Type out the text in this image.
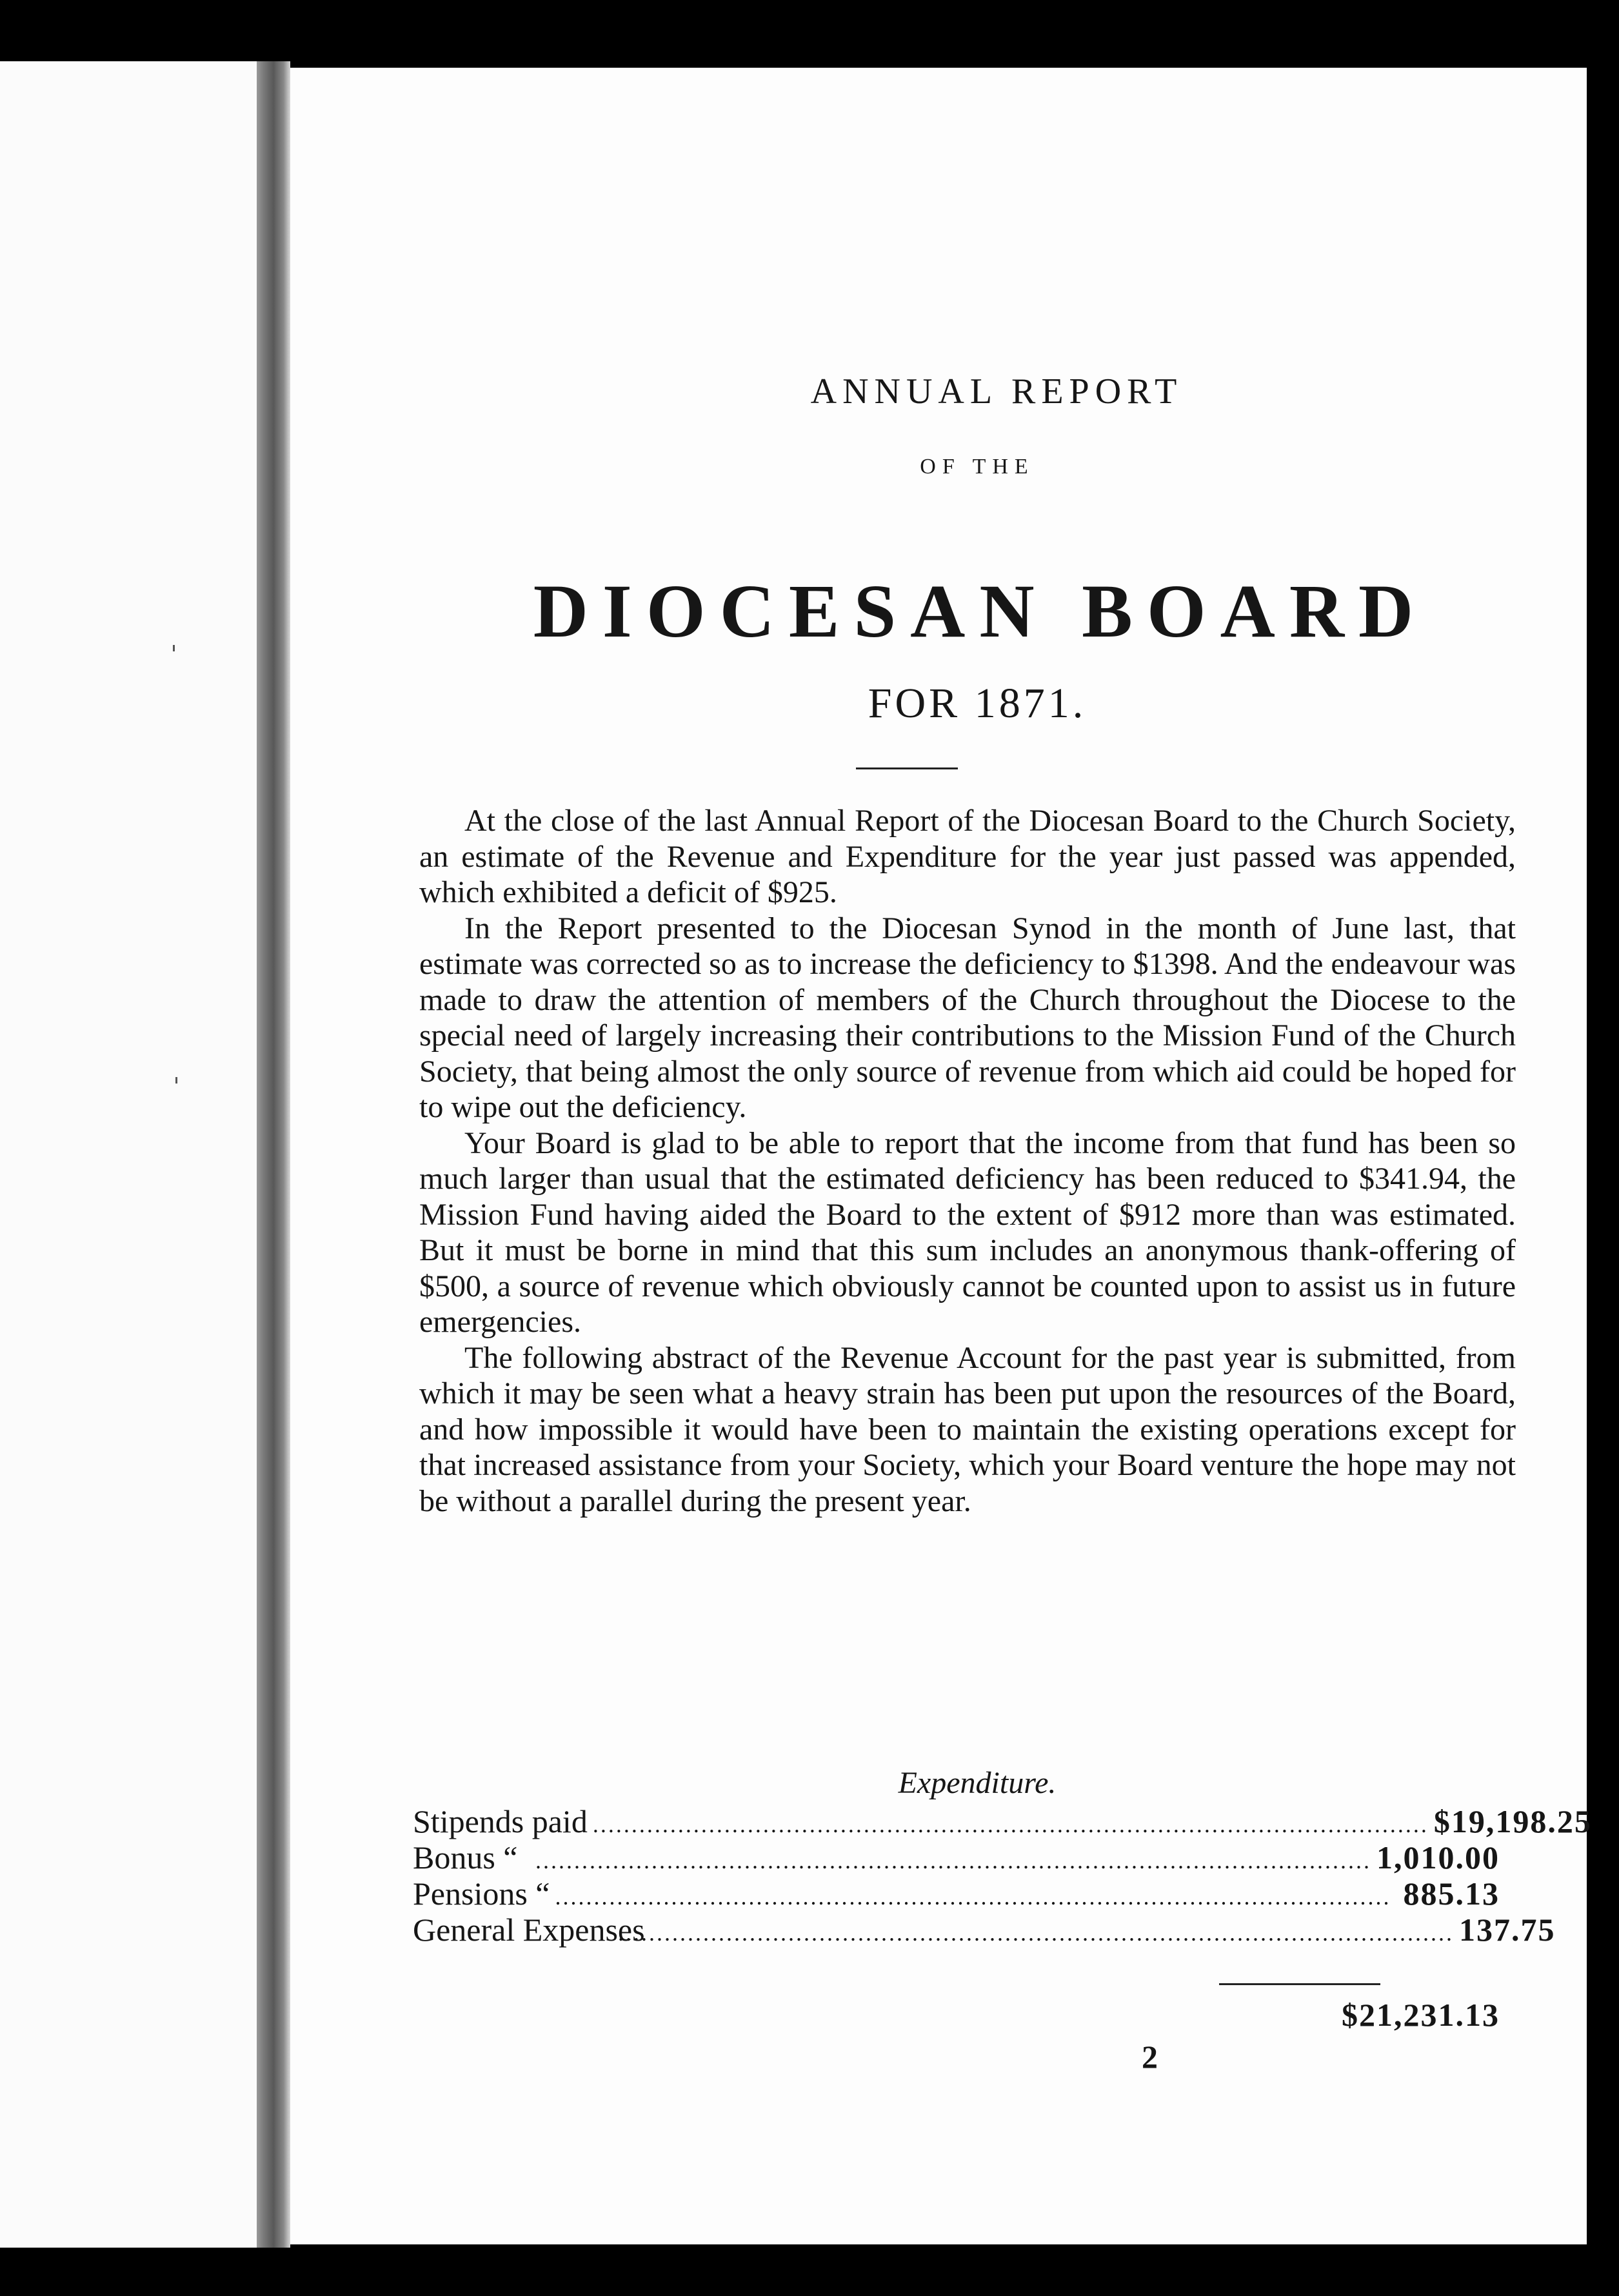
ANNUAL REPORT
OF THE
DIOCESAN BOARD
FOR 1871.

At the close of the last Annual Report of the Diocesan Board to the Church Society, an estimate of the Revenue and Expenditure for the year just passed was appended, which exhibited a deficit of $925.

In the Report presented to the Diocesan Synod in the month of June last, that estimate was corrected so as to increase the deficiency to $1398. And the endeavour was made to draw the attention of members of the Church throughout the Diocese to the special need of largely increasing their contributions to the Mission Fund of the Church Society, that being almost the only source of revenue from which aid could be hoped for to wipe out the deficiency.

Your Board is glad to be able to report that the income from that fund has been so much larger than usual that the estimated deficiency has been reduced to $341.94, the Mission Fund having aided the Board to the extent of $912 more than was estimated. But it must be borne in mind that this sum includes an anonymous thank-offering of $500, a source of revenue which obviously cannot be counted upon to assist us in future emergencies.

The following abstract of the Revenue Account for the past year is submitted, from which it may be seen what a heavy strain has been put upon the resources of the Board, and how impossible it would have been to maintain the existing operations except for that increased assistance from your Society, which your Board venture the hope may not be without a parallel during the present year.

Expenditure.
Stipends paid ............................................................................................................ $19,198.25
Bonus “ ............................................................................................................ 1,010.00
Pensions “ ............................................................................................................ 885.13
General Expenses
............................................................................................................ 137.75
$21,231.13
2
